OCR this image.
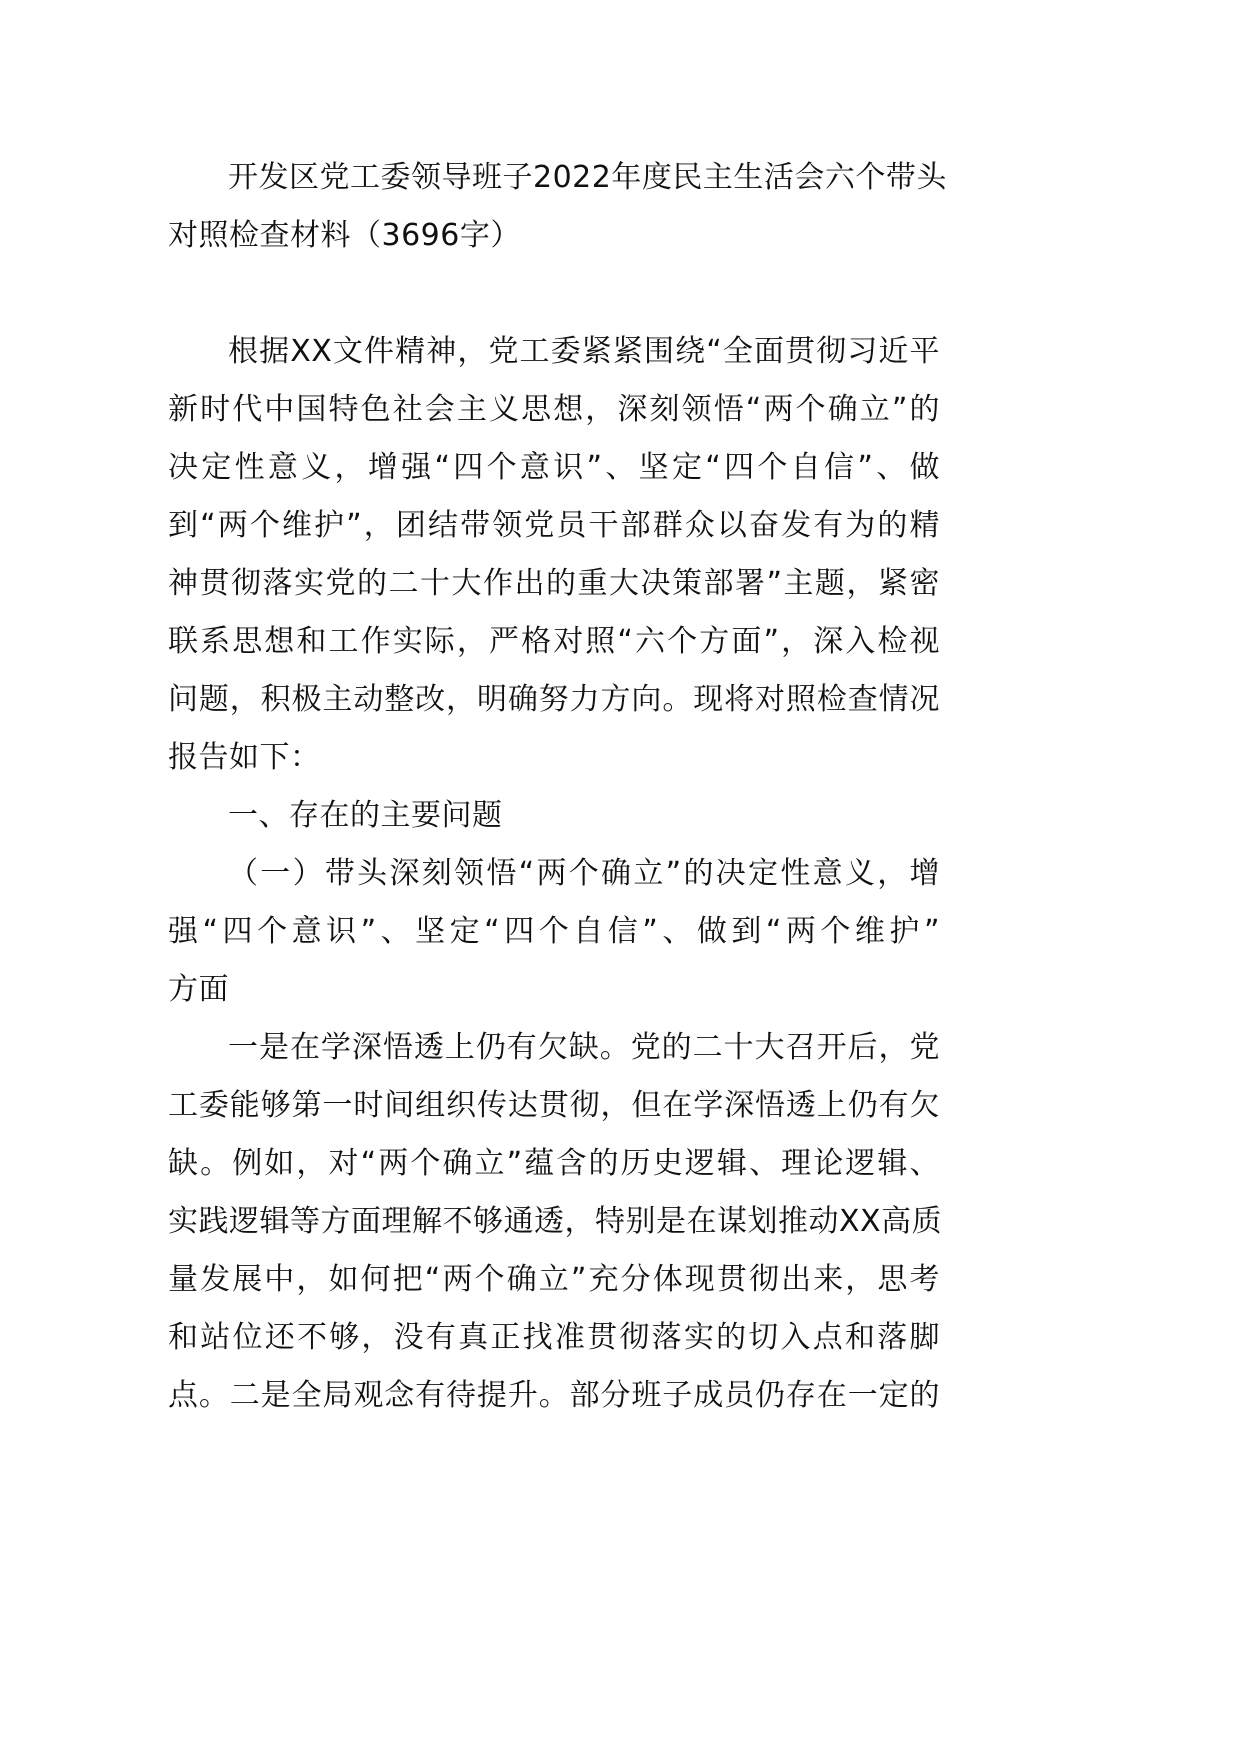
开发区党工委领导班子2022年度民主生活会六个带头
对照检查材料（3696字）
根据XX文件精神，党工委紧紧围绕“全面贯彻习近平
新时代中国特色社会主义思想，深刻领悟“两个确立”的
决定性意义，增强“四个意识”、坚定“四个自信”、做
到“两个维护”，团结带领党员干部群众以奋发有为的精
神贯彻落实党的二十大作出的重大决策部署”主题，紧密
联系思想和工作实际，严格对照“六个方面”，深入检视
问题，积极主动整改，明确努力方向。现将对照检查情况
报告如下：
一、存在的主要问题
（一）带头深刻领悟“两个确立”的决定性意义，增
强“四个意识”、坚定“四个自信”、做到“两个维护”
方面
一是在学深悟透上仍有欠缺。党的二十大召开后，党
工委能够第一时间组织传达贯彻，但在学深悟透上仍有欠
缺。例如，对“两个确立”蕴含的历史逻辑、理论逻辑、
实践逻辑等方面理解不够通透，特别是在谋划推动XX高质
量发展中，如何把“两个确立”充分体现贯彻出来，思考
和站位还不够，没有真正找准贯彻落实的切入点和落脚
点。二是全局观念有待提升。部分班子成员仍存在一定的
